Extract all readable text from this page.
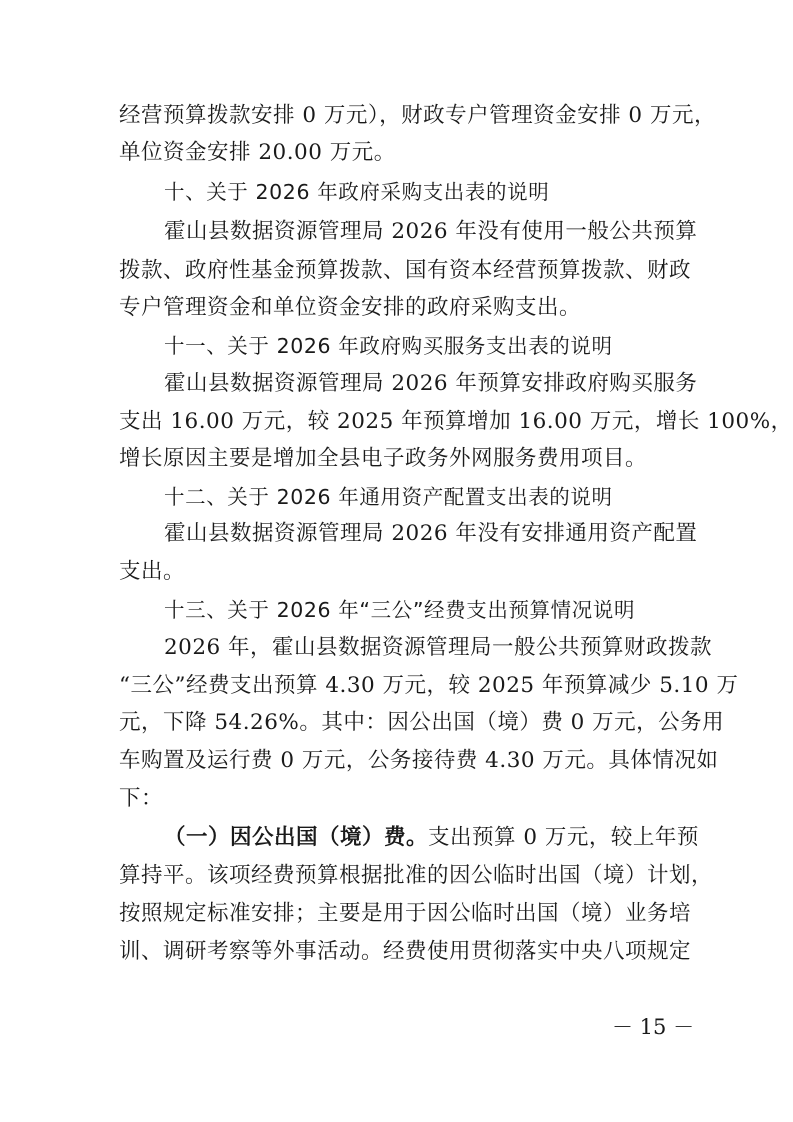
经营预算拨款安排 0 万元），财政专户管理资金安排 0 万元，
单位资金安排 20.00 万元。
十、关于 2026 年政府采购支出表的说明
霍山县数据资源管理局 2026 年没有使用一般公共预算
拨款、政府性基金预算拨款、国有资本经营预算拨款、财政
专户管理资金和单位资金安排的政府采购支出。
十一、关于 2026 年政府购买服务支出表的说明
霍山县数据资源管理局 2026 年预算安排政府购买服务
支出 16.00 万元，较 2025 年预算增加 16.00 万元，增长 100%，
增长原因主要是增加全县电子政务外网服务费用项目。
十二、关于 2026 年通用资产配置支出表的说明
霍山县数据资源管理局 2026 年没有安排通用资产配置
支出。
十三、关于 2026 年“三公”经费支出预算情况说明
2026 年，霍山县数据资源管理局一般公共预算财政拨款
“三公”经费支出预算 4.30 万元，较 2025 年预算减少 5.10 万
元，下降 54.26%。其中：因公出国（境）费 0 万元，公务用
车购置及运行费 0 万元，公务接待费 4.30 万元。具体情况如
下：
（一）因公出国（境）费。支出预算 0 万元，较上年预
算持平。该项经费预算根据批准的因公临时出国（境）计划，
按照规定标准安排；主要是用于因公临时出国（境）业务培
训、调研考察等外事活动。经费使用贯彻落实中央八项规定
－ 15 －
